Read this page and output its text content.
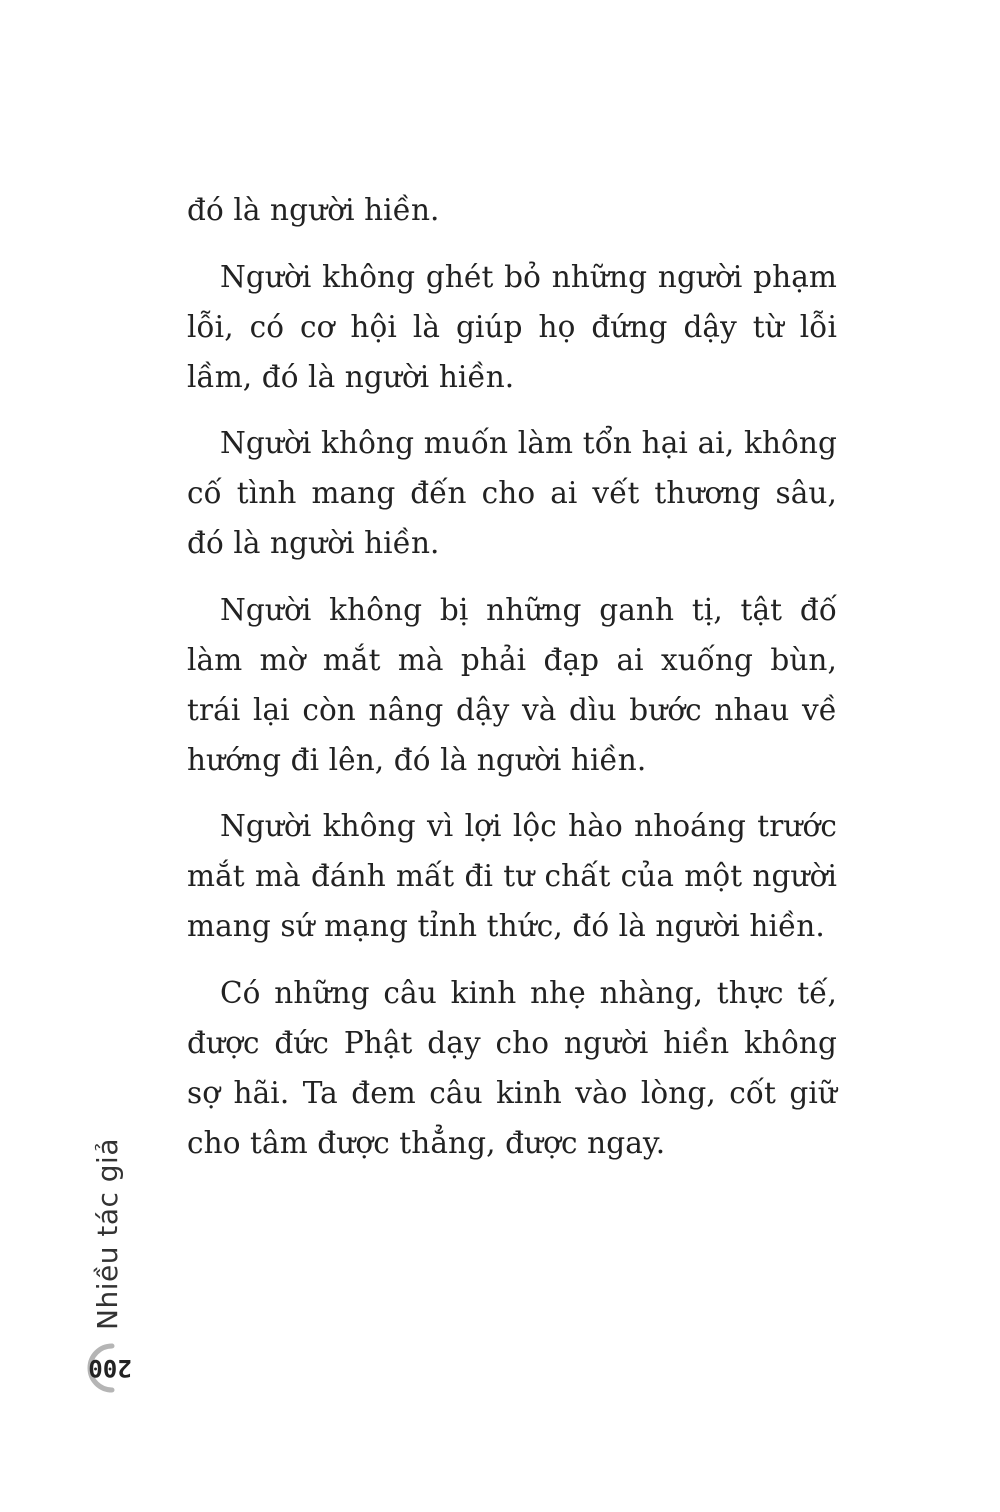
đó là người hiền.

Người không ghét bỏ những người phạm lỗi, có cơ hội là giúp họ đứng dậy từ lỗi lầm, đó là người hiền.

Người không muốn làm tổn hại ai, không cố tình mang đến cho ai vết thương sâu, đó là người hiền.

Người không bị những ganh tị, tật đố làm mờ mắt mà phải đạp ai xuống bùn, trái lại còn nâng dậy và dìu bước nhau về hướng đi lên, đó là người hiền.

Người không vì lợi lộc hào nhoáng trước mắt mà đánh mất đi tư chất của một người mang sứ mạng tỉnh thức, đó là người hiền.

Có những câu kinh nhẹ nhàng, thực tế, được đức Phật dạy cho người hiền không sợ hãi. Ta đem câu kinh vào lòng, cốt giữ cho tâm được thẳng, được ngay.

Nhiều tác giả
200
